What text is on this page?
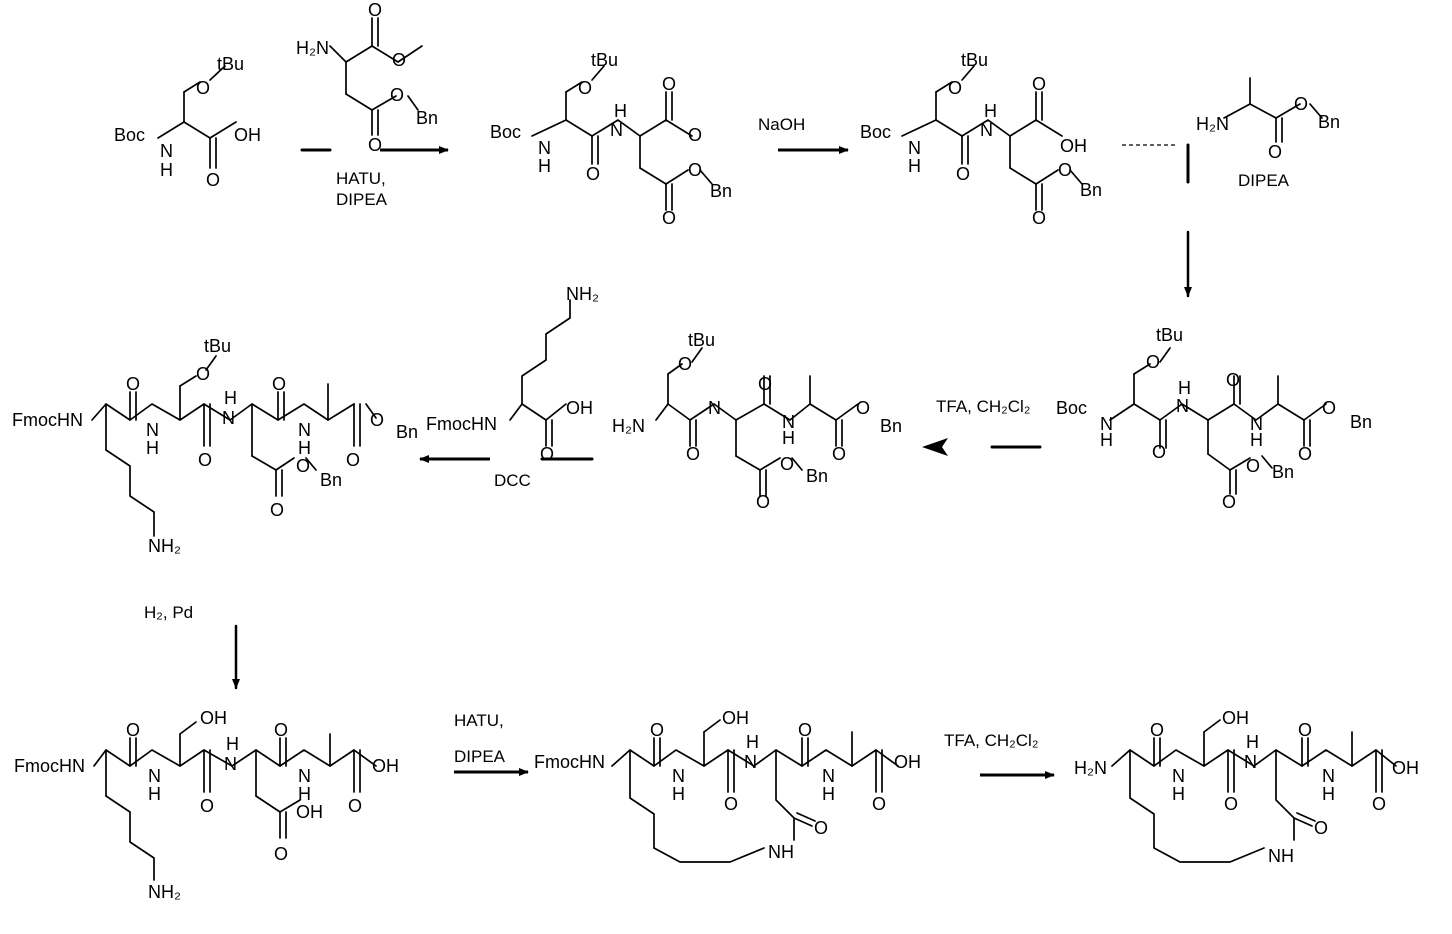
tBu
O
Boc
N
H
OH
O
H₂N
O
O
O
Bn
O
HATU,
DIPEA
tBu
O
Boc
N
H O
H
N
O
O
O
Bn
O
NaOH
tBu
O
Boc
N
H O
H
N
O
OH
O
Bn
O
H₂N
O
Bn
O
DIPEA
tBu
O
Boc
N
H
O
H
N
O
N
H
O
Bn
O
O Bn
O
TFA, CH₂Cl₂
tBu
O
H₂N
O
N
O
N
H
O
Bn
O
O
Bn
O
NH₂
FmocHN
OH
O
DCC
FmocHN
O
tBu
O
N
H
O
H
N
O
N
H
O
Bn
O
O
Bn
O
NH₂
H₂, Pd
FmocHN
O
OH
N
H
O
H
N
O
N
H
OH
O
OH
O
NH₂
HATU,
DIPEA FmocHN
O
OH
N
H O
H
N
O
N
H
OH
O
O
NH
TFA, CH₂Cl₂
H₂N
O
OH
N
H O
H
N
O
N
H
OH
O
O
NH
